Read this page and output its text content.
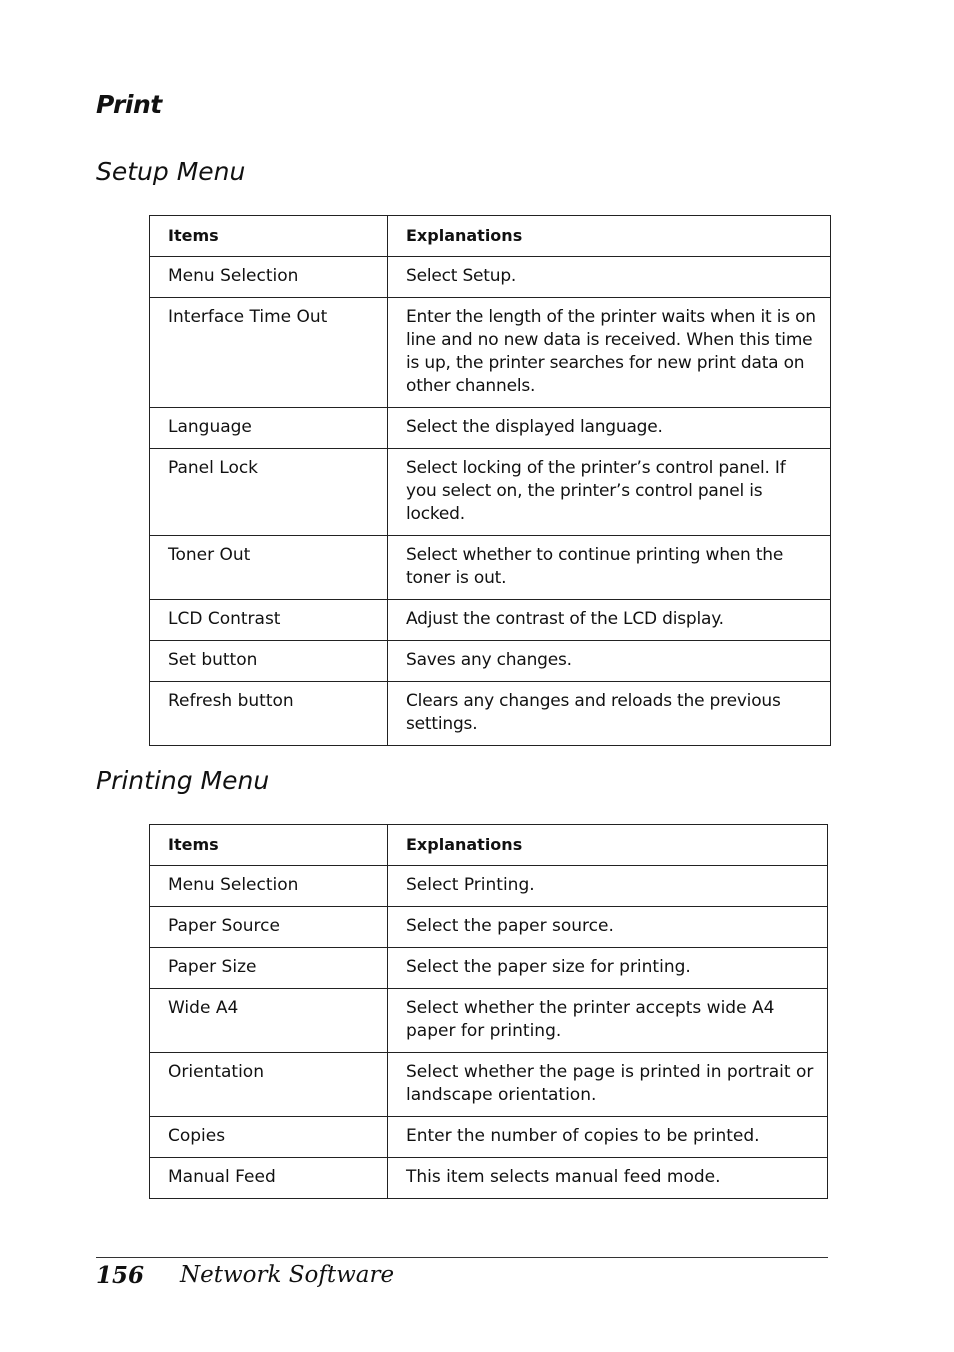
Print
Setup Menu
Items	Explanations
Menu Selection	Select Setup.
Interface Time Out	Enter the length of the printer waits when it is on line and no new data is received. When this time is up, the printer searches for new print data on other channels.
Language	Select the displayed language.
Panel Lock	Select locking of the printer’s control panel. If you select on, the printer’s control panel is locked.
Toner Out	Select whether to continue printing when the toner is out.
LCD Contrast	Adjust the contrast of the LCD display.
Set button	Saves any changes.
Refresh button	Clears any changes and reloads the previous settings.
Printing Menu
Items	Explanations
Menu Selection	Select Printing.
Paper Source	Select the paper source.
Paper Size	Select the paper size for printing.
Wide A4	Select whether the printer accepts wide A4 paper for printing.
Orientation	Select whether the page is printed in portrait or landscape orientation.
Copies	Enter the number of copies to be printed.
Manual Feed	This item selects manual feed mode.
156 Network Software
